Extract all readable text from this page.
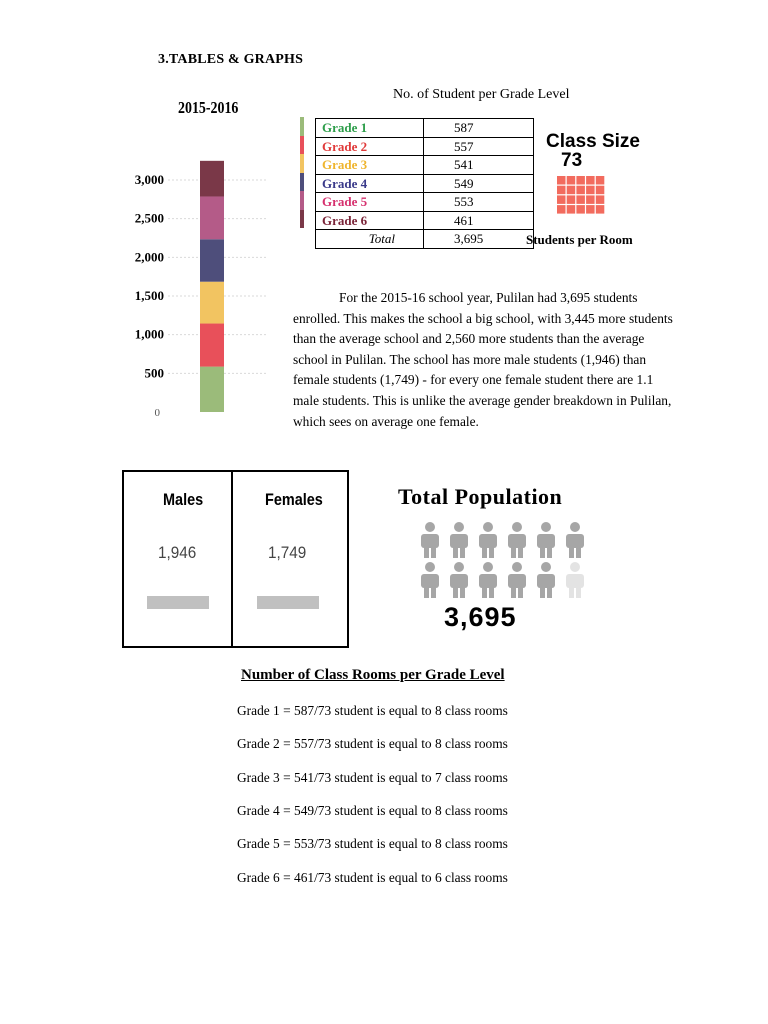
3.TABLES & GRAPHS
2015-2016
0
500
1,000
1,500
2,000
2,500
3,000
No. of Student per Grade Level
Grade 1	587
Grade 2	557
Grade 3	541
Grade 4	549
Grade 5	553
Grade 6	461
Total	3,695
Class Size
73
Students per Room
For the 2015-16 school year, Pulilan had 3,695 students enrolled. This makes the school a big school, with 3,445 more students than the average school and 2,560 more students than the average school in Pulilan. The school has more male students (1,946) than female students (1,749) - for every one female student there are 1.1 male students. This is unlike the average gender breakdown in Pulilan, which sees on average one female.
Males
1,946
Females
1,749
Total Population
3,695
Number of Class Rooms per Grade Level
Grade 1 = 587/73 student is equal to 8 class rooms
Grade 2 = 557/73 student is equal to 8 class rooms
Grade 3 = 541/73 student is equal to 7 class rooms
Grade 4 = 549/73 student is equal to 8 class rooms
Grade 5 = 553/73 student is equal to 8 class rooms
Grade 6 = 461/73 student is equal to 6 class rooms
